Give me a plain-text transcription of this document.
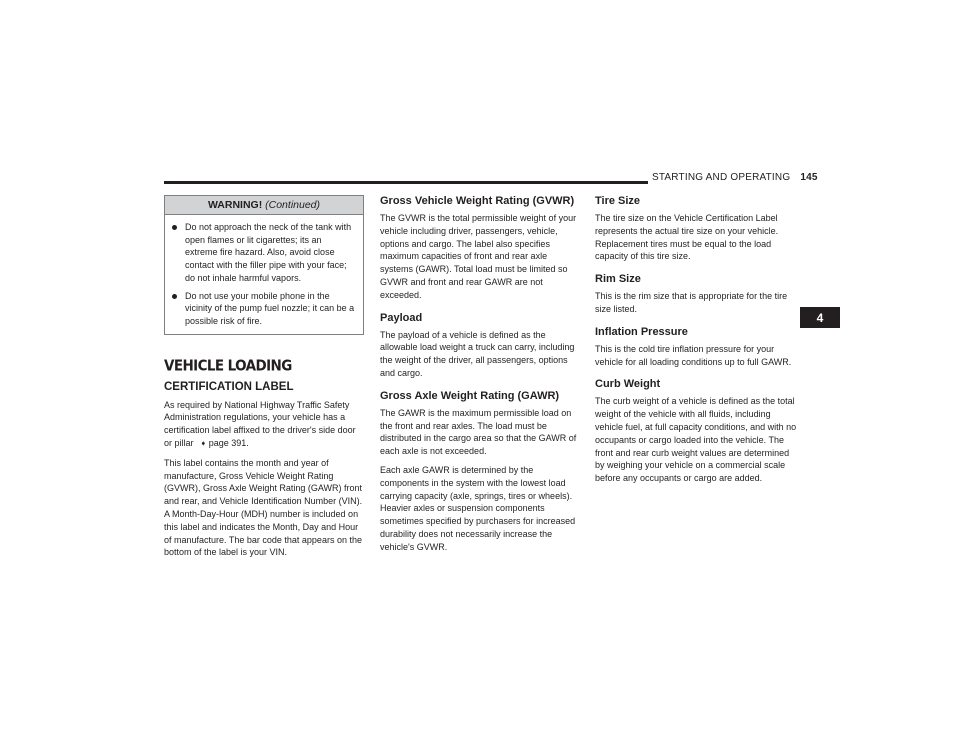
STARTING AND OPERATING 145
WARNING! (Continued)
Do not approach the neck of the tank with open flames or lit cigarettes; its an extreme fire hazard. Also, avoid close contact with the filler pipe with your face; do not inhale harmful vapors.
Do not use your mobile phone in the vicinity of the pump fuel nozzle; it can be a possible risk of fire.
VEHICLE LOADING
CERTIFICATION LABEL

As required by National Highway Traffic Safety Administration regulations, your vehicle has a certification label affixed to the driver's side door or pillar ➧ page 391.

This label contains the month and year of manufacture, Gross Vehicle Weight Rating (GVWR), Gross Axle Weight Rating (GAWR) front and rear, and Vehicle Identification Number (VIN). A Month-Day-Hour (MDH) number is included on this label and indicates the Month, Day and Hour of manufacture. The bar code that appears on the bottom of the label is your VIN.

Gross Vehicle Weight Rating (GVWR)

The GVWR is the total permissible weight of your vehicle including driver, passengers, vehicle, options and cargo. The label also specifies maximum capacities of front and rear axle systems (GAWR). Total load must be limited so GVWR and front and rear GAWR are not exceeded.

Payload

The payload of a vehicle is defined as the allowable load weight a truck can carry, including the weight of the driver, all passengers, options and cargo.

Gross Axle Weight Rating (GAWR)

The GAWR is the maximum permissible load on the front and rear axles. The load must be distributed in the cargo area so that the GAWR of each axle is not exceeded.

Each axle GAWR is determined by the components in the system with the lowest load carrying capacity (axle, springs, tires or wheels). Heavier axles or suspension components sometimes specified by purchasers for increased durability does not necessarily increase the vehicle's GVWR.

Tire Size

The tire size on the Vehicle Certification Label represents the actual tire size on your vehicle. Replacement tires must be equal to the load capacity of this tire size.

Rim Size

This is the rim size that is appropriate for the tire size listed.

Inflation Pressure

This is the cold tire inflation pressure for your vehicle for all loading conditions up to full GAWR.

Curb Weight

The curb weight of a vehicle is defined as the total weight of the vehicle with all fluids, including vehicle fuel, at full capacity conditions, and with no occupants or cargo loaded into the vehicle. The front and rear curb weight values are determined by weighing your vehicle on a commercial scale before any occupants or cargo are added.

4
